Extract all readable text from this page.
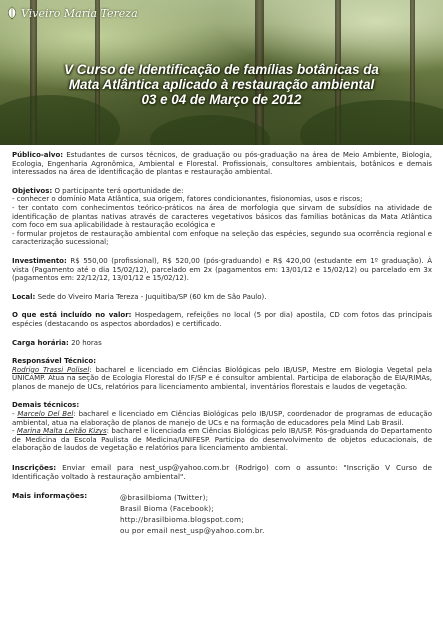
Viveiro Maria Tereza
V Curso de Identificação de famílias botânicas da
Mata Atlântica aplicado à restauração ambiental
03 e 04 de Março de 2012

Público-alvo: Estudantes de cursos técnicos, de graduação ou pós-graduação na área de Meio Ambiente, Biologia, Ecologia, Engenharia Agronômica, Ambiental e Florestal. Profissionais, consultores ambientais, botânicos e demais interessados na área de identificação de plantas e restauração ambiental.

Objetivos: O participante terá oportunidade de:

- conhecer o domínio Mata Atlântica, sua origem, fatores condicionantes, fisionomias, usos e riscos;
- ter contato com conhecimentos teórico-práticos na área de morfologia que sirvam de subsídios na atividade de identificação de plantas nativas através de caracteres vegetativos básicos das famílias botânicas da Mata Atlântica com foco em sua aplicabilidade à restauração ecológica e
- formular projetos de restauração ambiental com enfoque na seleção das espécies, segundo sua ocorrência regional e caracterização sucessional;

Investimento: R$ 550,00 (profissional), R$ 520,00 (pós-graduando) e R$ 420,00 (estudante em 1º graduação). À vista (Pagamento até o dia 15/02/12), parcelado em 2x (pagamentos em: 13/01/12 e 15/02/12) ou parcelado em 3x (pagamentos em: 22/12/12, 13/01/12 e 15/02/12).

Local: Sede do Viveiro Maria Tereza - Juquitiba/SP (60 km de São Paulo).

O que está incluído no valor: Hospedagem, refeições no local (5 por dia) apostila, CD com fotos das principais espécies (destacando os aspectos abordados) e certificado.

Carga horária: 20 horas

Responsável Técnico:

Rodrigo Trassi Polisel: bacharel e licenciado em Ciências Biológicas pelo IB/USP, Mestre em Biologia Vegetal pela UNICAMP. Atua na seção de Ecologia Florestal do IF/SP e é consultor ambiental. Participa de elaboração de EIA/RIMAs, planos de manejo de UCs, relatórios para licenciamento ambiental, inventários florestais e laudos de vegetação.

Demais técnicos:

- Marcelo Del Bel: bacharel e licenciado em Ciências Biológicas pelo IB/USP, coordenador de programas de educação ambiental, atua na elaboração de planos de manejo de UCs e na formação de educadores pela Mind Lab Brasil.

- Marina Malta Leitão Kizys: bacharel e licenciada em Ciências Biológicas pelo IB/USP. Pós-graduanda do Departamento de Medicina da Escola Paulista de Medicina/UNIFESP. Participa do desenvolvimento de objetos educacionais, de elaboração de laudos de vegetação e relatórios para licenciamento ambiental.

Inscrições: Enviar email para nest_usp@yahoo.com.br (Rodrigo) com o assunto: "Inscrição V Curso de Identificação voltado à restauração ambiental".

Mais informações:	@brasilbioma (Twitter);
Brasil Bioma (Facebook);
http://brasilbioma.blogspot.com;
ou por email nest_usp@yahoo.com.br.
